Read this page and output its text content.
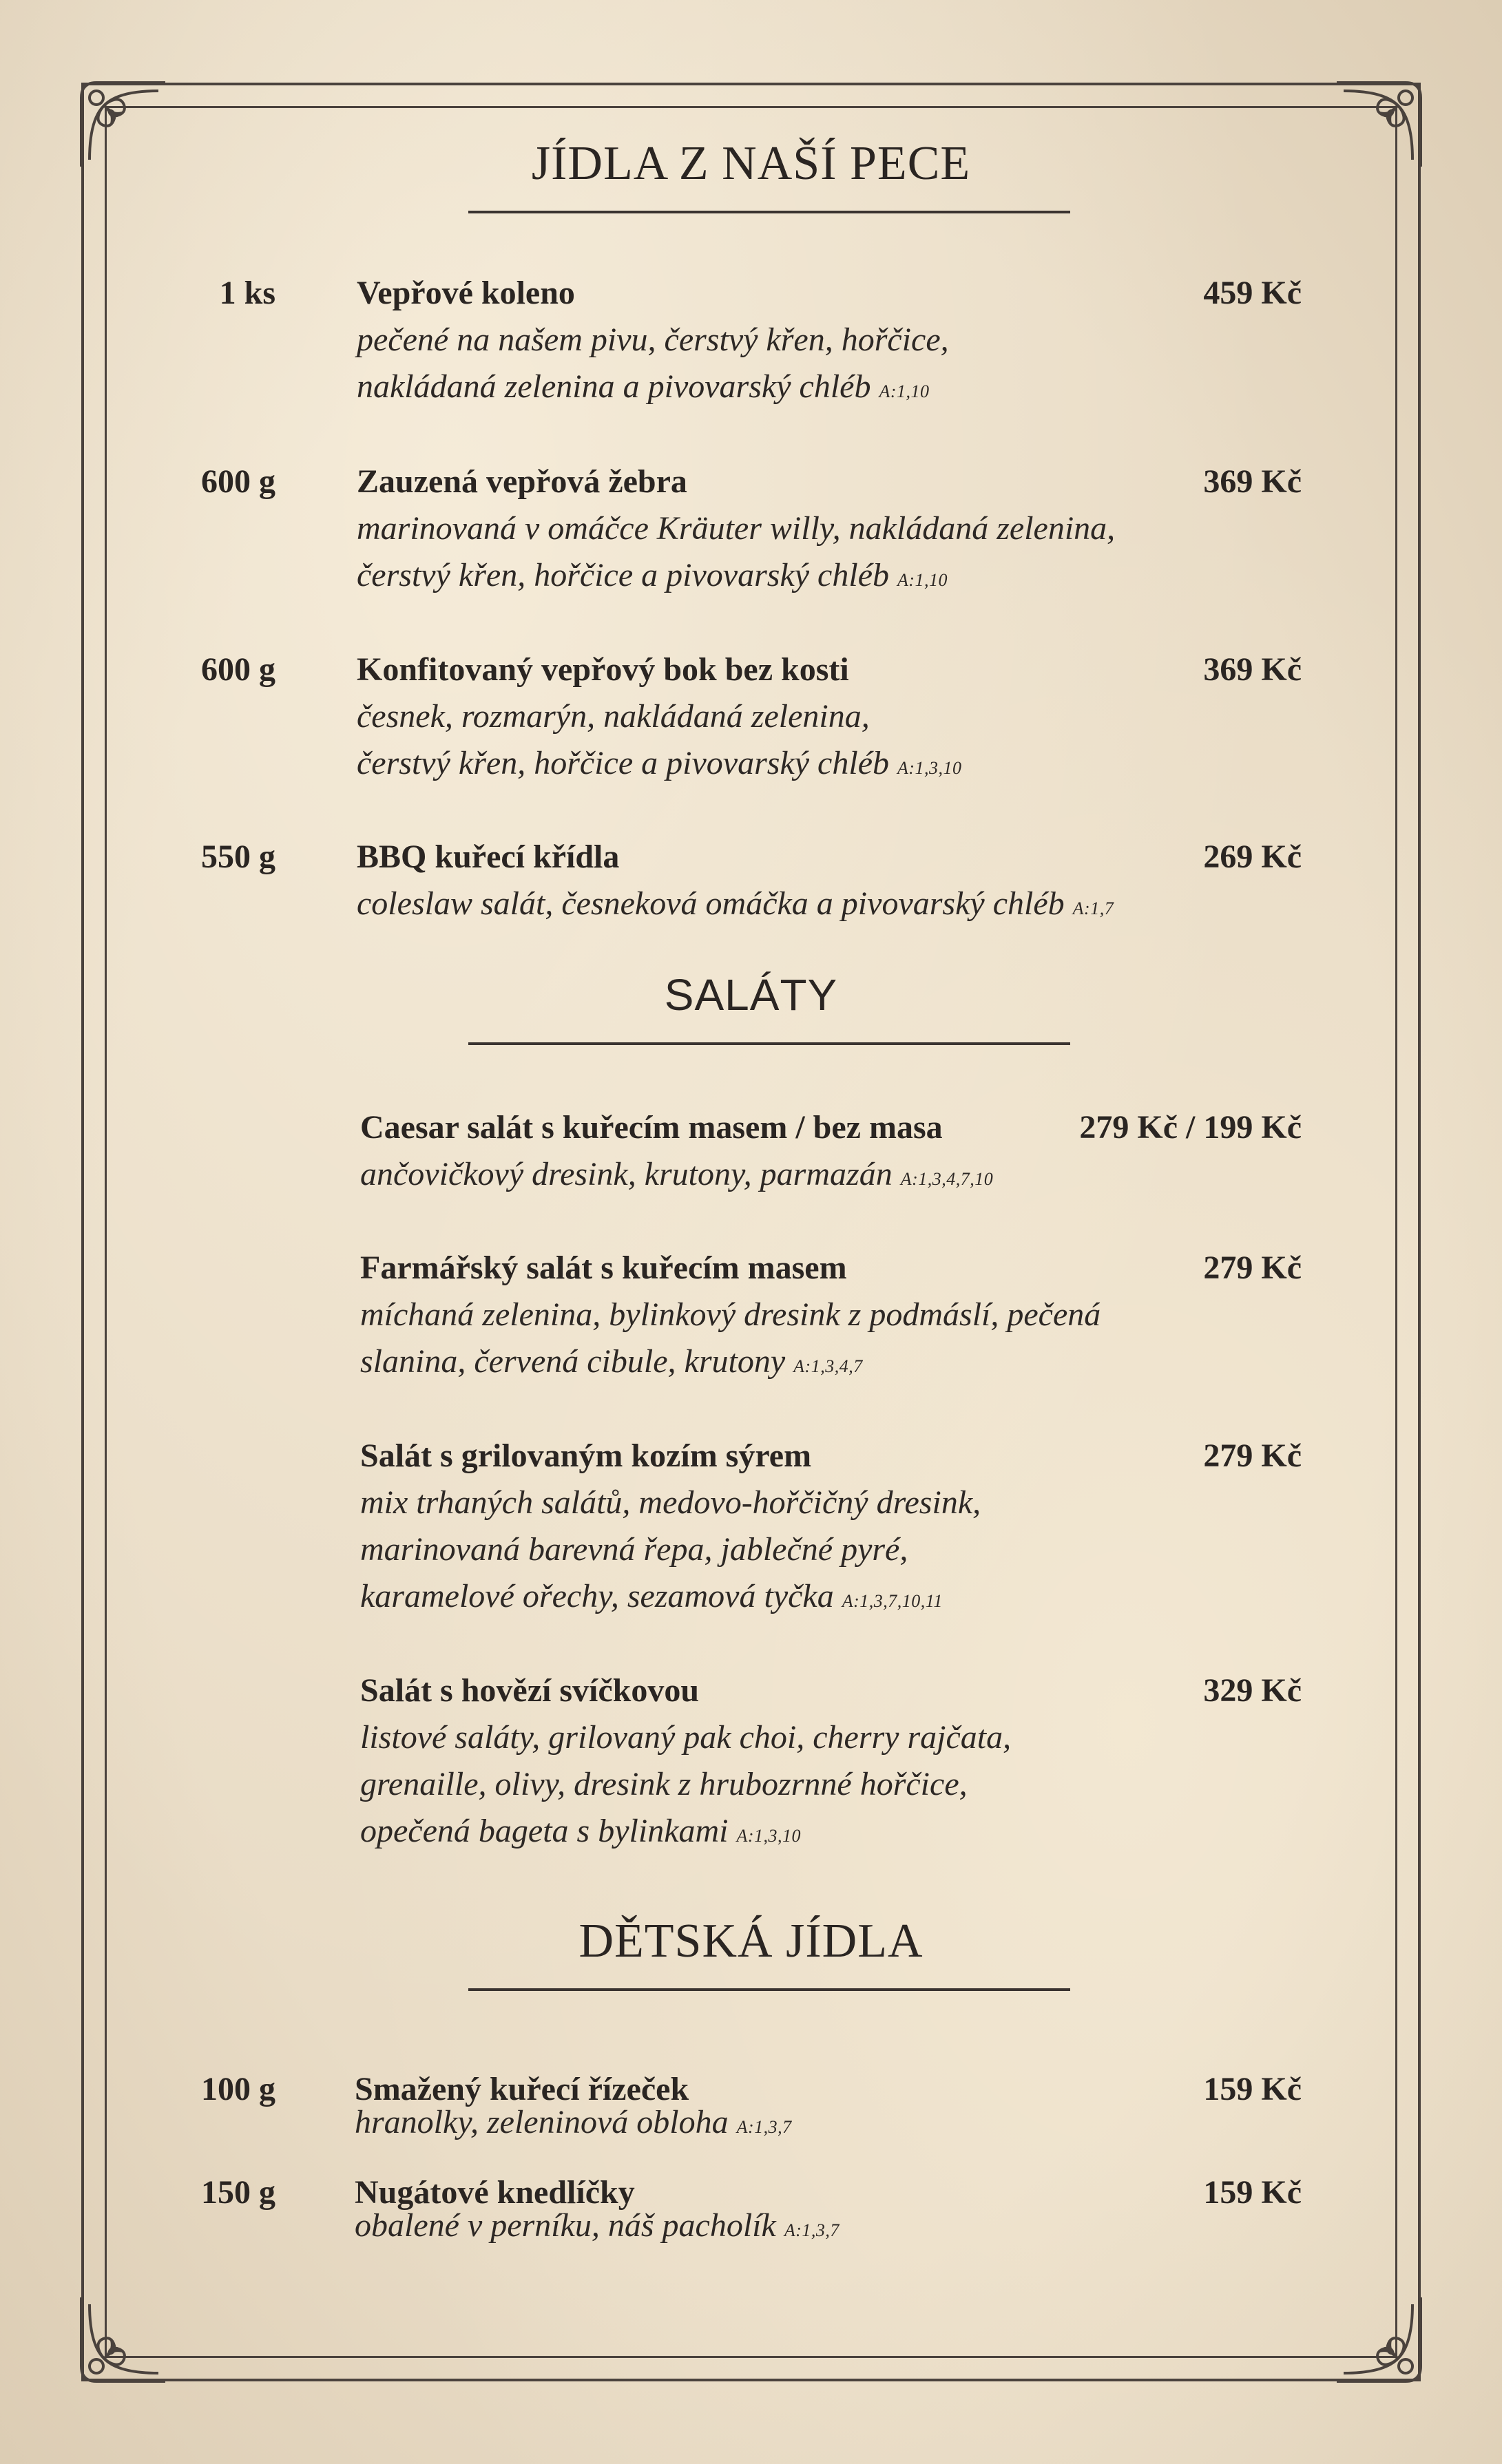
JÍDLA Z NAŠÍ PECE
1 ks Vepřové koleno	459 Kč
pečené na našem pivu, čerstvý křen, hořčice,
nakládaná zelenina a pivovarský chléb A:1,10
600 g Zauzená vepřová žebra	369 Kč
marinovaná v omáčce Kräuter willy, nakládaná zelenina,
čerstvý křen, hořčice a pivovarský chléb A:1,10
600 g Konfitovaný vepřový bok bez kosti	369 Kč
česnek, rozmarýn, nakládaná zelenina,
čerstvý křen, hořčice a pivovarský chléb A:1,3,10
550 g BBQ kuřecí křídla	269 Kč
coleslaw salát, česneková omáčka a pivovarský chléb A:1,7
SALÁTY
Caesar salát s kuřecím masem / bez masa	279 Kč / 199 Kč
ančovičkový dresink, krutony, parmazán A:1,3,4,7,10
Farmářský salát s kuřecím masem	279 Kč
míchaná zelenina, bylinkový dresink z podmáslí, pečená
slanina, červená cibule, krutony A:1,3,4,7
Salát s grilovaným kozím sýrem	279 Kč
mix trhaných salátů, medovo-hořčičný dresink,
marinovaná barevná řepa, jablečné pyré,
karamelové ořechy, sezamová tyčka A:1,3,7,10,11
Salát s hovězí svíčkovou	329 Kč
listové saláty, grilovaný pak choi, cherry rajčata,
grenaille, olivy, dresink z hrubozrnné hořčice,
opečená bageta s bylinkami A:1,3,10
DĚTSKÁ JÍDLA
100 g Smažený kuřecí řízeček	159 Kč
hranolky, zeleninová obloha A:1,3,7
150 g Nugátové knedlíčky	159 Kč
obalené v perníku, náš pacholík A:1,3,7
